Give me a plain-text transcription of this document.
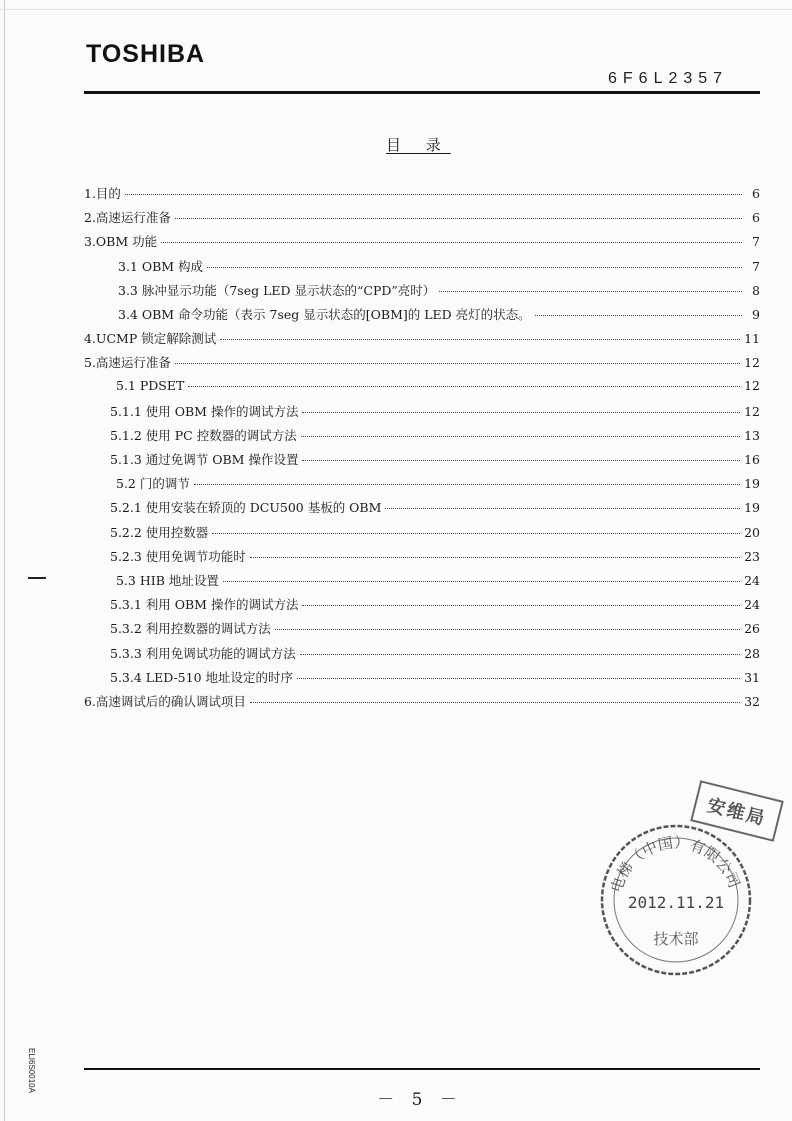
TOSHIBA
6F6L2357
目 录
1.目的	6
2.高速运行准备	6
3.OBM 功能	7
3.1 OBM 构成	7
3.3 脉冲显示功能（7seg LED 显示状态的“CPD”亮时）	8
3.4 OBM 命令功能（表示 7seg 显示状态的[OBM]的 LED 亮灯的状态。	9
4.UCMP 锁定解除测试	11
5.高速运行准备	12
5.1 PDSET	12
5.1.1 使用 OBM 操作的调试方法	12
5.1.2 使用 PC 控数器的调试方法	13
5.1.3 通过免调节 OBM 操作设置	16
5.2 门的调节	19
5.2.1 使用安装在轿顶的 DCU500 基板的 OBM	19
5.2.2 使用控数器	20
5.2.3 使用免调节功能时	23
5.3 HIB 地址设置	24
5.3.1 利用 OBM 操作的调试方法	24
5.3.2 利用控数器的调试方法	26
5.3.3 利用免调试功能的调试方法	28
5.3.4 LED-510 地址设定的时序	31
6.高速调试后的确认调试项目	32
安维局
电梯（中国）有限公司
2012.11.21
技术部
ELI6S0010A
－ 5 －
